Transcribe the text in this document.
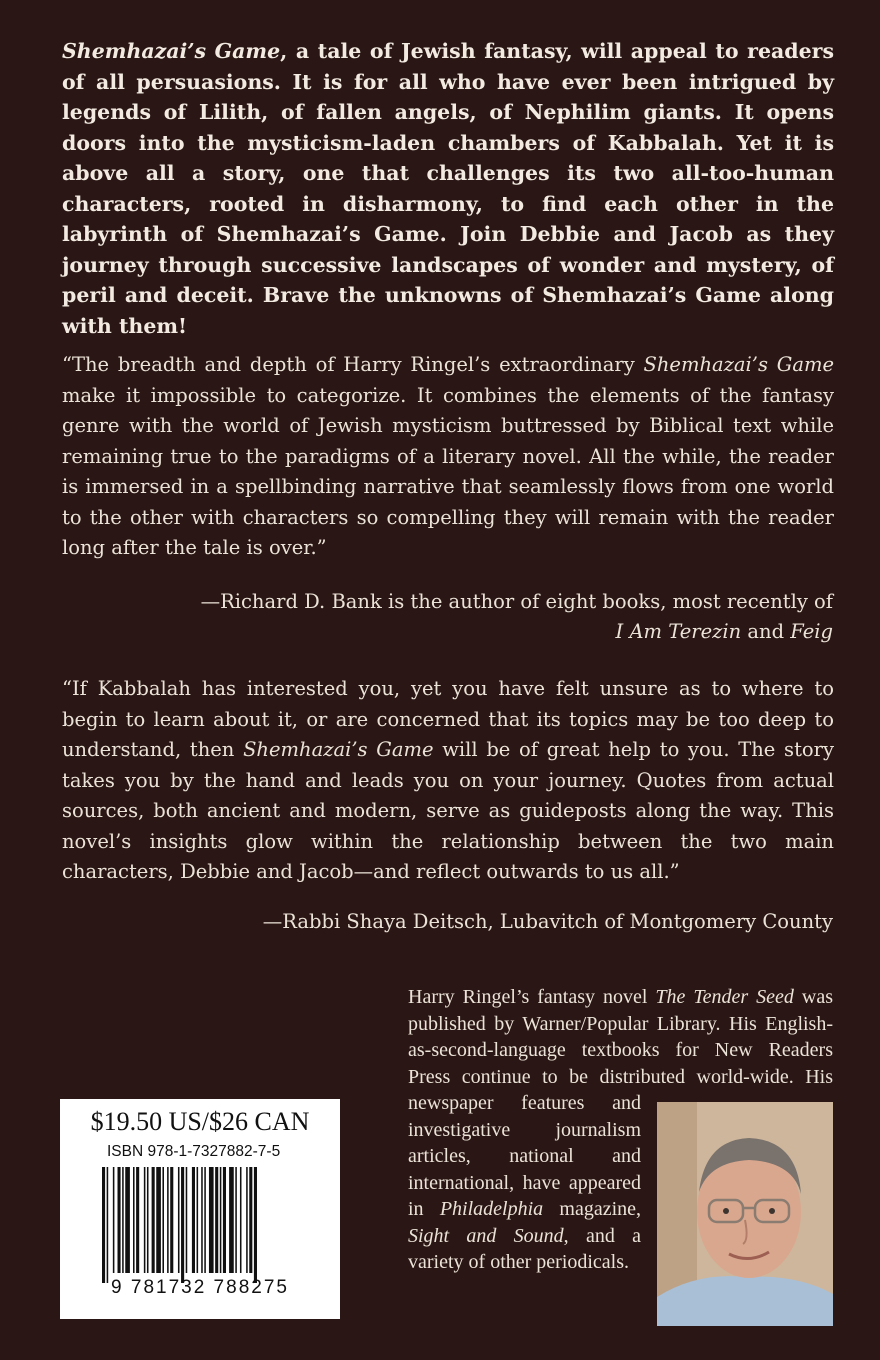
Shemhazai’s Game, a tale of Jewish fantasy, will appeal to readers of all persuasions. It is for all who have ever been intrigued by legends of Lilith, of fallen angels, of Nephilim giants. It opens doors into the mysticism-laden chambers of Kabbalah. Yet it is above all a story, one that challenges its two all-too-human characters, rooted in disharmony, to find each other in the labyrinth of Shemhazai’s Game. Join Debbie and Jacob as they journey through successive landscapes of wonder and mystery, of peril and deceit. Brave the unknowns of Shemhazai’s Game along with them!

“The breadth and depth of Harry Ringel’s extraordinary Shemhazai’s Game make it impossible to categorize. It combines the elements of the fantasy genre with the world of Jewish mysticism buttressed by Biblical text while remaining true to the paradigms of a literary novel. All the while, the reader is immersed in a spellbinding narrative that seamlessly flows from one world to the other with characters so compelling they will remain with the reader long after the tale is over.”

—Richard D. Bank is the author of eight books, most recently of
I Am Terezin and Feig

“If Kabbalah has interested you, yet you have felt unsure as to where to begin to learn about it, or are concerned that its topics may be too deep to understand, then Shemhazai’s Game will be of great help to you. The story takes you by the hand and leads you on your journey. Quotes from actual sources, both ancient and modern, serve as guideposts along the way. This novel’s insights glow within the relationship between the two main characters, Debbie and Jacob—and reflect outwards to us all.”

—Rabbi Shaya Deitsch, Lubavitch of Montgomery County
Harry Ringel’s fantasy novel The Tender Seed was published by Warner/Popular Library. His English-as-second-language textbooks for New Readers Press continue to be distributed world-wide. His newspaper features and investigative journalism articles, national and international, have appeared in Philadelphia magazine, Sight and Sound, and a variety of other periodicals.

$19.50 US/$26 CAN

ISBN 978-1-7327882-7-5

9 781732 788275
